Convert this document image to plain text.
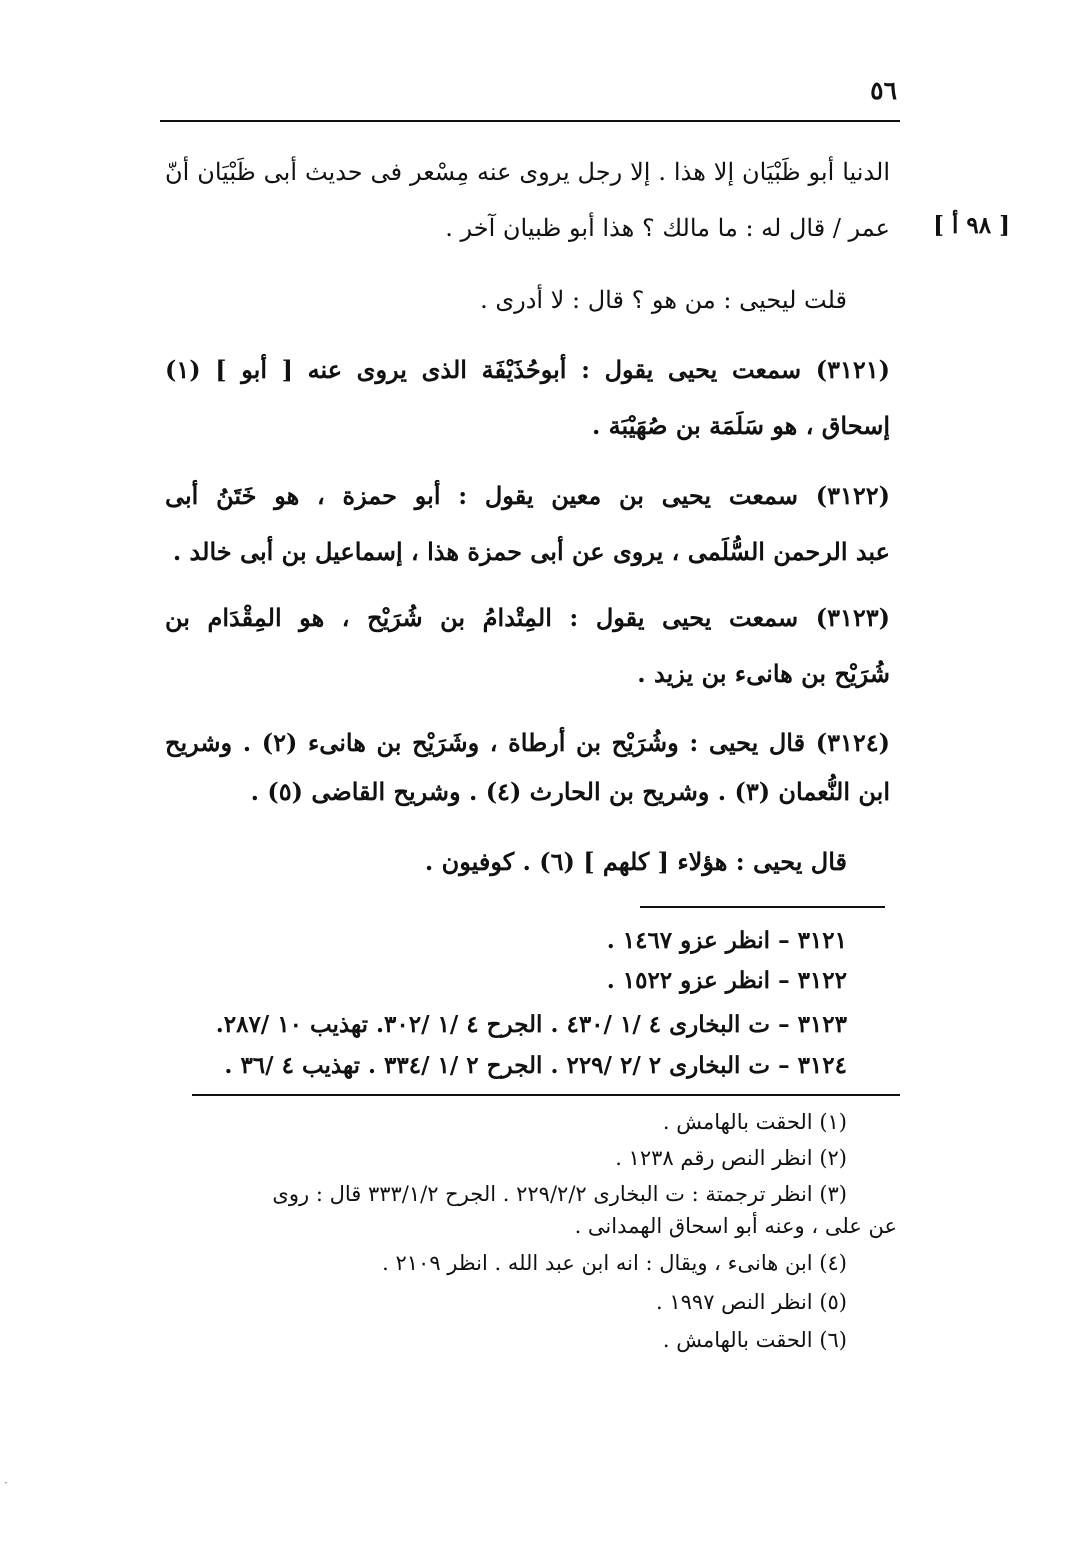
٥٦
[ ٩٨ أ ]
الدنيا أبو ظَبْيَان إلا هذا . إلا رجل يروى عنه مِسْعر فى حديث أبى ظَبْيَان أنّ
عمر / قال له : ما مالك ؟ هذا أبو ظبيان آخر .
قلت ليحيى : من هو ؟ قال : لا أدرى .
(٣١٢١) سمعت يحيى يقول : أبوحُذَيْفَة الذى يروى عنه [ أبو ] (١)
إسحاق ، هو سَلَمَة بن صُهَيْبَة .
(٣١٢٢) سمعت يحيى بن معين يقول : أبو حمزة ، هو خَتَنُ أبى
عبد الرحمن السُّلَمى ، يروى عن أبى حمزة هذا ، إسماعيل بن أبى خالد .
(٣١٢٣) سمعت يحيى يقول : المِتْدامُ بن شُرَيْح ، هو المِقْدَام بن
شُرَيْح بن هانىء بن يزيد .
(٣١٢٤) قال يحيى : وشُرَيْح بن أرطاة ، وشَرَيْح بن هانىء (٢) . وشريح
ابن النُّعمان (٣) . وشريح بن الحارث (٤) . وشريح القاضى (٥) .
قال يحيى : هؤلاء [ كلهم ] (٦) . كوفيون .
٣١٢١ – انظر عزو ١٤٦٧ .
٣١٢٢ – انظر عزو ١٥٢٢ .
٣١٢٣ – ت البخارى ٤ /١ /٤٣٠ . الجرح ٤ /١ /٣٠٢. تهذيب ١٠ /٢٨٧.
٣١٢٤ – ت البخارى ٢ /٢ /٢٢٩ . الجرح ٢ /١ /٣٣٤ . تهذيب ٤ /٣٦ .
(١) الحقت بالهامش .
(٢) انظر النص رقم ١٢٣٨ .
(٣) انظر ترجمتة : ت البخارى ٢٢٩/٢/٢ . الجرح ٣٣٣/١/٢ قال : روى
عن على ، وعنه أبو اسحاق الهمدانى .
(٤) ابن هانىء ، ويقال : انه ابن عبد الله . انظر ٢١٠٩ .
(٥) انظر النص ١٩٩٧ .
(٦) الحقت بالهامش .
·
